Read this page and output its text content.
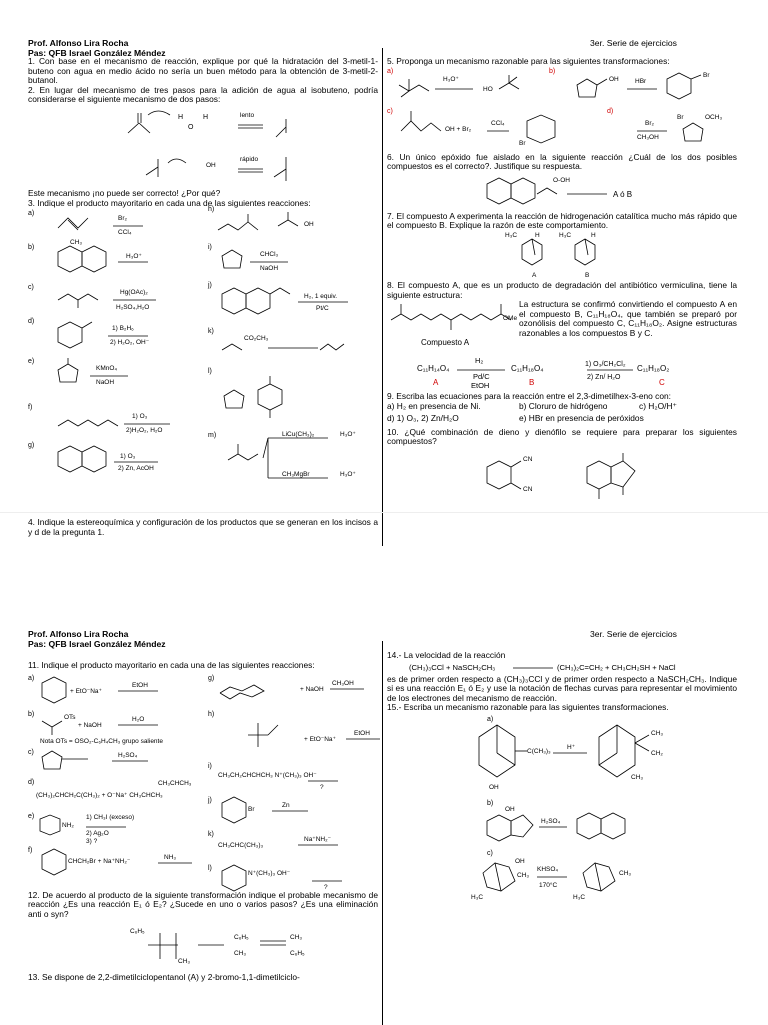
Prof. Alfonso Lira Rocha
Pas: QFB Israel González Méndez
3er. Serie de ejercicios

1. Con base en el mecanismo de reacción, explique por qué la hidratación del 3-metil-1-buteno con agua en medio ácido no sería un buen método para la obtención de 3-metil-2-butanol.

2. En lugar del mecanismo de tres pasos para la adición de agua al isobuteno, podría considerarse el siguiente mecanismo de dos pasos:

H
O
H	lento
rápido
OH

Este mecanismo ¡no puede ser correcto! ¿Por qué?

3. Indique el producto mayoritario en cada una de las siguientes reacciones:

a)
Br₂
CCl₄
b)
H₃O⁺
CH₃
c)
Hg(OAc)₂
H₂SO₄,H₂O
d)
1) B₂H₆
2) H₂O₂, OH⁻
e)
KMnO₄
NaOH
f)
1) O₃
2)H₂O₂, H₂O
g)
1) O₃
2) Zn, AcOH
h)
OH
i)
CHCl₃
NaOH
j)
H₂, 1 equiv.
Pt/C
k)
CO₂CH₃
l)
m)	LiCu(CH₃)₂
CH₃MgBr
H₃O⁺
H₃O⁺

4. Indique la estereoquímica y configuración de los productos que se generan en los incisos a y d de la pregunta 1.

5. Proponga un mecanismo razonable para las siguientes transformaciones:

a)
H₃O⁺
HO
b)
OH	HBr
Br
c)
OH + Br₂
CCl₄
Br
d)
Br₂
CH₃OH
Br	OCH₃

6. Un único epóxido fue aislado en la siguiente reacción ¿Cuál de los dos posibles compuestos es el correcto?. Justifique su respuesta.

O-OH
A ó B

7. El compuesto A experimenta la reacción de hidrogenación catalítica mucho más rápido que el compuesto B. Explique la razón de este comportamiento.

H₃C	H	H₃C	H
A	B

8. El compuesto A, que es un producto de degradación del antibiótico vermiculina, tiene la siguiente estructura:

OMe
Compuesto A

La estructura se confirmó convirtiendo el compuesto A en el compuesto B, C₁₁H₁₈O₄, que también se preparó por ozonólisis del compuesto C, C₁₁H₁₈O₂. Asigne estructuras razonables a los compuestos B y C.

C₁₁H₁₄O₄
A
H₂
Pd/C
EtOH
C₁₁H₁₈O₄
B
1) O₃/CH₂Cl₂
2) Zn/ H₂O
C₁₁H₁₈O₂
C

9. Escriba las ecuaciones para la reacción entre el 2,3-dimetilhex-3-eno con:

a) H₂ en presencia de Ni.	b) Cloruro de hidrógeno	c) H₂O/H⁺
d) 1) O₃, 2) Zn/H₂O	e) HBr en presencia de peróxidos

10. ¿Qué combinación de dieno y dienófilo se requiere para preparar los siguientes compuestos?

CN
CN
Prof. Alfonso Lira Rocha
Pas: QFB Israel González Méndez
3er. Serie de ejercicios

11. Indique el producto mayoritario en cada una de las siguientes reacciones:

a)
+ EtO⁻Na⁺
EtOH
b)	OTs
+ NaOH
H₂O
Nota OTs = OSO₂-C₆H₄CH₃ grupo saliente
c)	H₂SO₄
d)
(CH₃)₂CHCH₂C(CH₃)₂ + O⁻Na⁺ CH₃CHCH₃
CH₃CHCH₃
e)
NH₂
1) CH₃I (exceso)
2) Ag₂O
3) ?
f)
CHCH₂Br + Na⁺NH₂⁻
NH₃
g)
+ NaOH
CH₃OH
h)
+ EtO⁻Na⁺
EtOH
i)
CH₃CH₂CHCHCH₃ N⁺(CH₃)₃ OH⁻
?
j)
Br
Zn
k)
CH₃CHC(CH₃)₃
Na⁺NH₂⁻
l)
N⁺(CH₃)₃ OH⁻
?

12. De acuerdo al producto de la siguiente transformación indique el probable mecanismo de reacción ¿Es una reacción E₁ ó E₂? ¿Sucede en uno o varios pasos? ¿Es una eliminación anti o syn?

C₆H₅
CH₃
C₆H₅	CH₃
CH₃	C₆H₅

13. Se dispone de 2,2-dimetilciclopentanol (A) y 2-bromo-1,1-dimetilciclo-

14.- La velocidad de la reacción

(CH₃)₃CCl + NaSCH₂CH₃	(CH₃)₂C=CH₂ + CH₃CH₂SH + NaCl

es de primer orden respecto a (CH₃)₃CCl y de primer orden respecto a NaSCH₂CH₃. Indique si es una reacción E₁ ó E₂ y use la notación de flechas curvas para representar el movimiento de los electrones del mecanismo de reacción.

15.- Escriba un mecanismo razonable para las siguientes transformaciones.

a)
C(CH₃)₃
OH
H⁺
CH₃
CH₂
CH₃
b)
OH
H₂SO₄
c)
OH
KHSO₄
170°C
CH₃
H₃C
CH₃
H₃C
